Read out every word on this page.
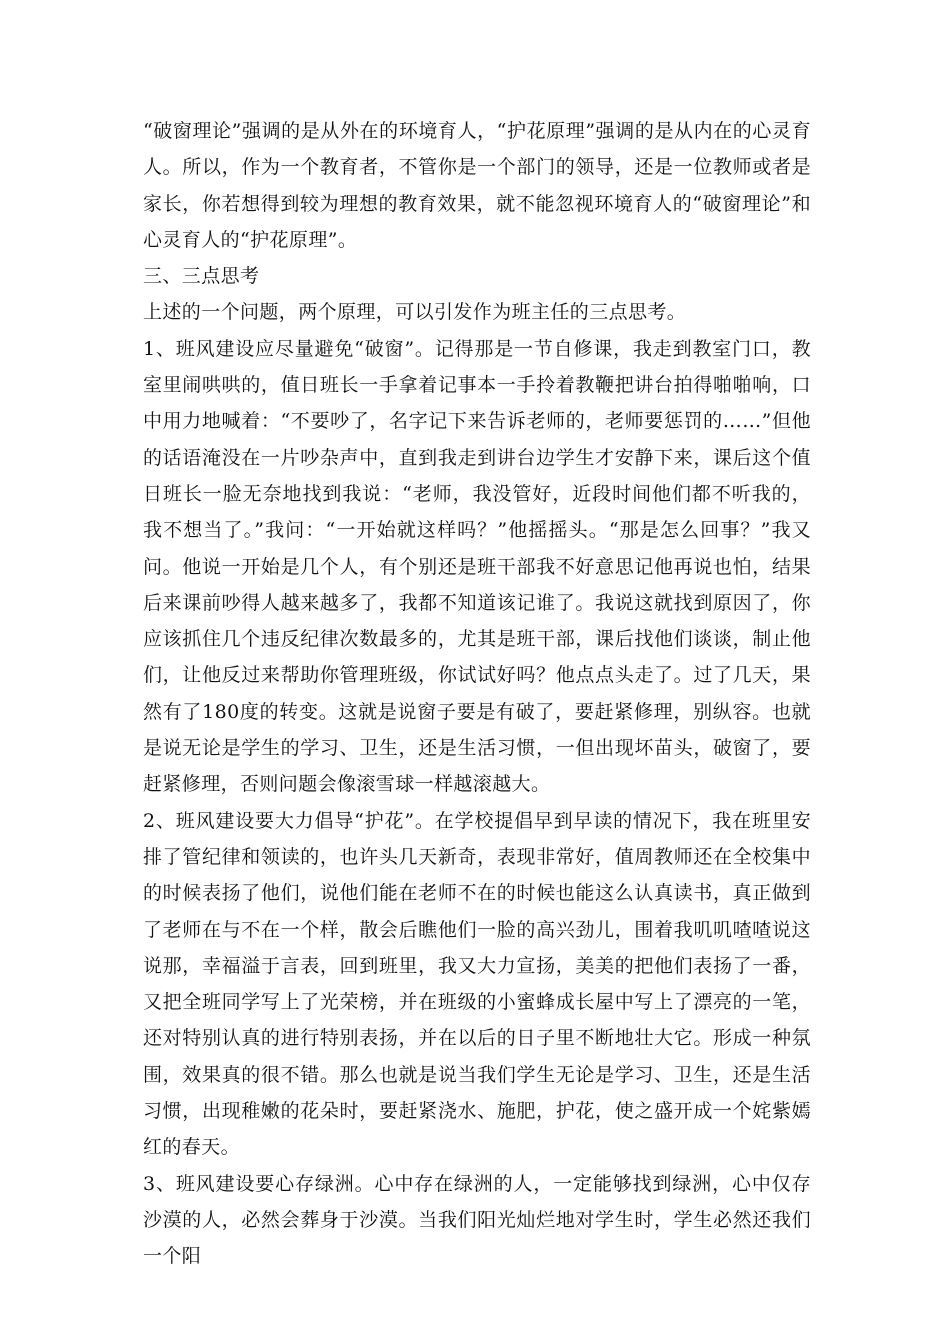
“破窗理论”强调的是从外在的环境育人，“护花原理”强调的是从内在的心灵育人。所以，作为一个教育者，不管你是一个部门的领导，还是一位教师或者是家长，你若想得到较为理想的教育效果，就不能忽视环境育人的“破窗理论”和心灵育人的“护花原理”。

三、三点思考

上述的一个问题，两个原理，可以引发作为班主任的三点思考。

1、班风建设应尽量避免“破窗”。记得那是一节自修课，我走到教室门口，教室里闹哄哄的，值日班长一手拿着记事本一手拎着教鞭把讲台拍得啪啪响，口中用力地喊着：“不要吵了，名字记下来告诉老师的，老师要惩罚的……”但他的话语淹没在一片吵杂声中，直到我走到讲台边学生才安静下来，课后这个值日班长一脸无奈地找到我说：“老师，我没管好，近段时间他们都不听我的，我不想当了。”我问：“一开始就这样吗？”他摇摇头。“那是怎么回事？”我又问。他说一开始是几个人，有个别还是班干部我不好意思记他再说也怕，结果后来课前吵得人越来越多了，我都不知道该记谁了。我说这就找到原因了，你应该抓住几个违反纪律次数最多的，尤其是班干部，课后找他们谈谈，制止他们，让他反过来帮助你管理班级，你试试好吗？他点点头走了。过了几天，果然有了180度的转变。这就是说窗子要是有破了，要赶紧修理，别纵容。也就是说无论是学生的学习、卫生，还是生活习惯，一但出现坏苗头，破窗了，要赶紧修理，否则问题会像滚雪球一样越滚越大。

2、班风建设要大力倡导“护花”。在学校提倡早到早读的情况下，我在班里安排了管纪律和领读的，也许头几天新奇，表现非常好，值周教师还在全校集中的时候表扬了他们，说他们能在老师不在的时候也能这么认真读书，真正做到了老师在与不在一个样，散会后瞧他们一脸的高兴劲儿，围着我叽叽喳喳说这说那，幸福溢于言表，回到班里，我又大力宣扬，美美的把他们表扬了一番，又把全班同学写上了光荣榜，并在班级的小蜜蜂成长屋中写上了漂亮的一笔，还对特别认真的进行特别表扬，并在以后的日子里不断地壮大它。形成一种氛围，效果真的很不错。那么也就是说当我们学生无论是学习、卫生，还是生活习惯，出现稚嫩的花朵时，要赶紧浇水、施肥，护花，使之盛开成一个姹紫嫣红的春天。

3、班风建设要心存绿洲。心中存在绿洲的人，一定能够找到绿洲，心中仅存沙漠的人，必然会葬身于沙漠。当我们阳光灿烂地对学生时，学生必然还我们一个阳
